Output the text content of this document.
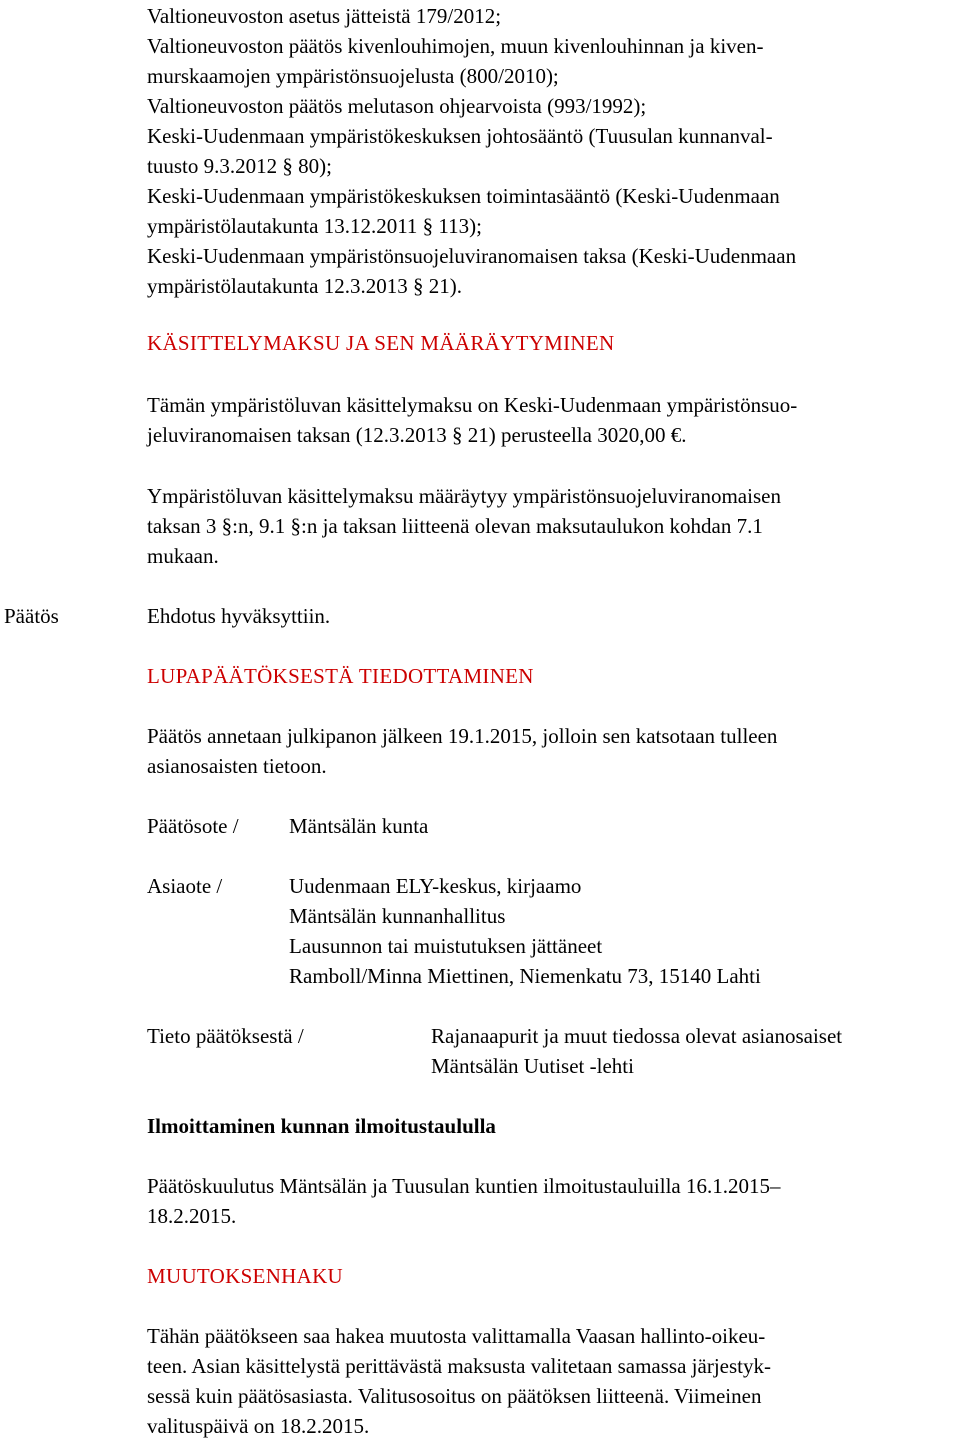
Valtioneuvoston asetus jätteistä 179/2012;
Valtioneuvoston päätös kivenlouhimojen, muun kivenlouhinnan ja kiven-
murskaamojen ympäristönsuojelusta (800/2010);
Valtioneuvoston päätös melutason ohjearvoista (993/1992);
Keski-Uudenmaan ympäristökeskuksen johtosääntö (Tuusulan kunnanval-
tuusto 9.3.2012 § 80);
Keski-Uudenmaan ympäristökeskuksen toimintasääntö (Keski-Uudenmaan
ympäristölautakunta 13.12.2011 § 113);
Keski-Uudenmaan ympäristönsuojeluviranomaisen taksa (Keski-Uudenmaan
ympäristölautakunta 12.3.2013 § 21).
KÄSITTELYMAKSU JA SEN MÄÄRÄYTYMINEN
Tämän ympäristöluvan käsittelymaksu on Keski-Uudenmaan ympäristönsuo-
jeluviranomaisen taksan (12.3.2013 § 21) perusteella 3020,00 €.
Ympäristöluvan käsittelymaksu määräytyy ympäristönsuojeluviranomaisen
taksan 3 §:n, 9.1 §:n ja taksan liitteenä olevan maksutaulukon kohdan 7.1
mukaan.
Päätös	Ehdotus hyväksyttiin.
LUPAPÄÄTÖKSESTÄ TIEDOTTAMINEN
Päätös annetaan julkipanon jälkeen 19.1.2015, jolloin sen katsotaan tulleen
asianosaisten tietoon.
Päätösote / Mäntsälän kunta
Asiaote /	Uudenmaan ELY-keskus, kirjaamo
Mäntsälän kunnanhallitus
Lausunnon tai muistutuksen jättäneet
Ramboll/Minna Miettinen, Niemenkatu 73, 15140 Lahti
Tieto päätöksestä /	Rajanaapurit ja muut tiedossa olevat asianosaiset
Mäntsälän Uutiset -lehti
Ilmoittaminen kunnan ilmoitustaululla
Päätöskuulutus Mäntsälän ja Tuusulan kuntien ilmoitustauluilla 16.1.2015–
18.2.2015.
MUUTOKSENHAKU
Tähän päätökseen saa hakea muutosta valittamalla Vaasan hallinto-oikeu-
teen. Asian käsittelystä perittävästä maksusta valitetaan samassa järjestyk-
sessä kuin päätösasiasta. Valitusosoitus on päätöksen liitteenä. Viimeinen
valituspäivä on 18.2.2015.
